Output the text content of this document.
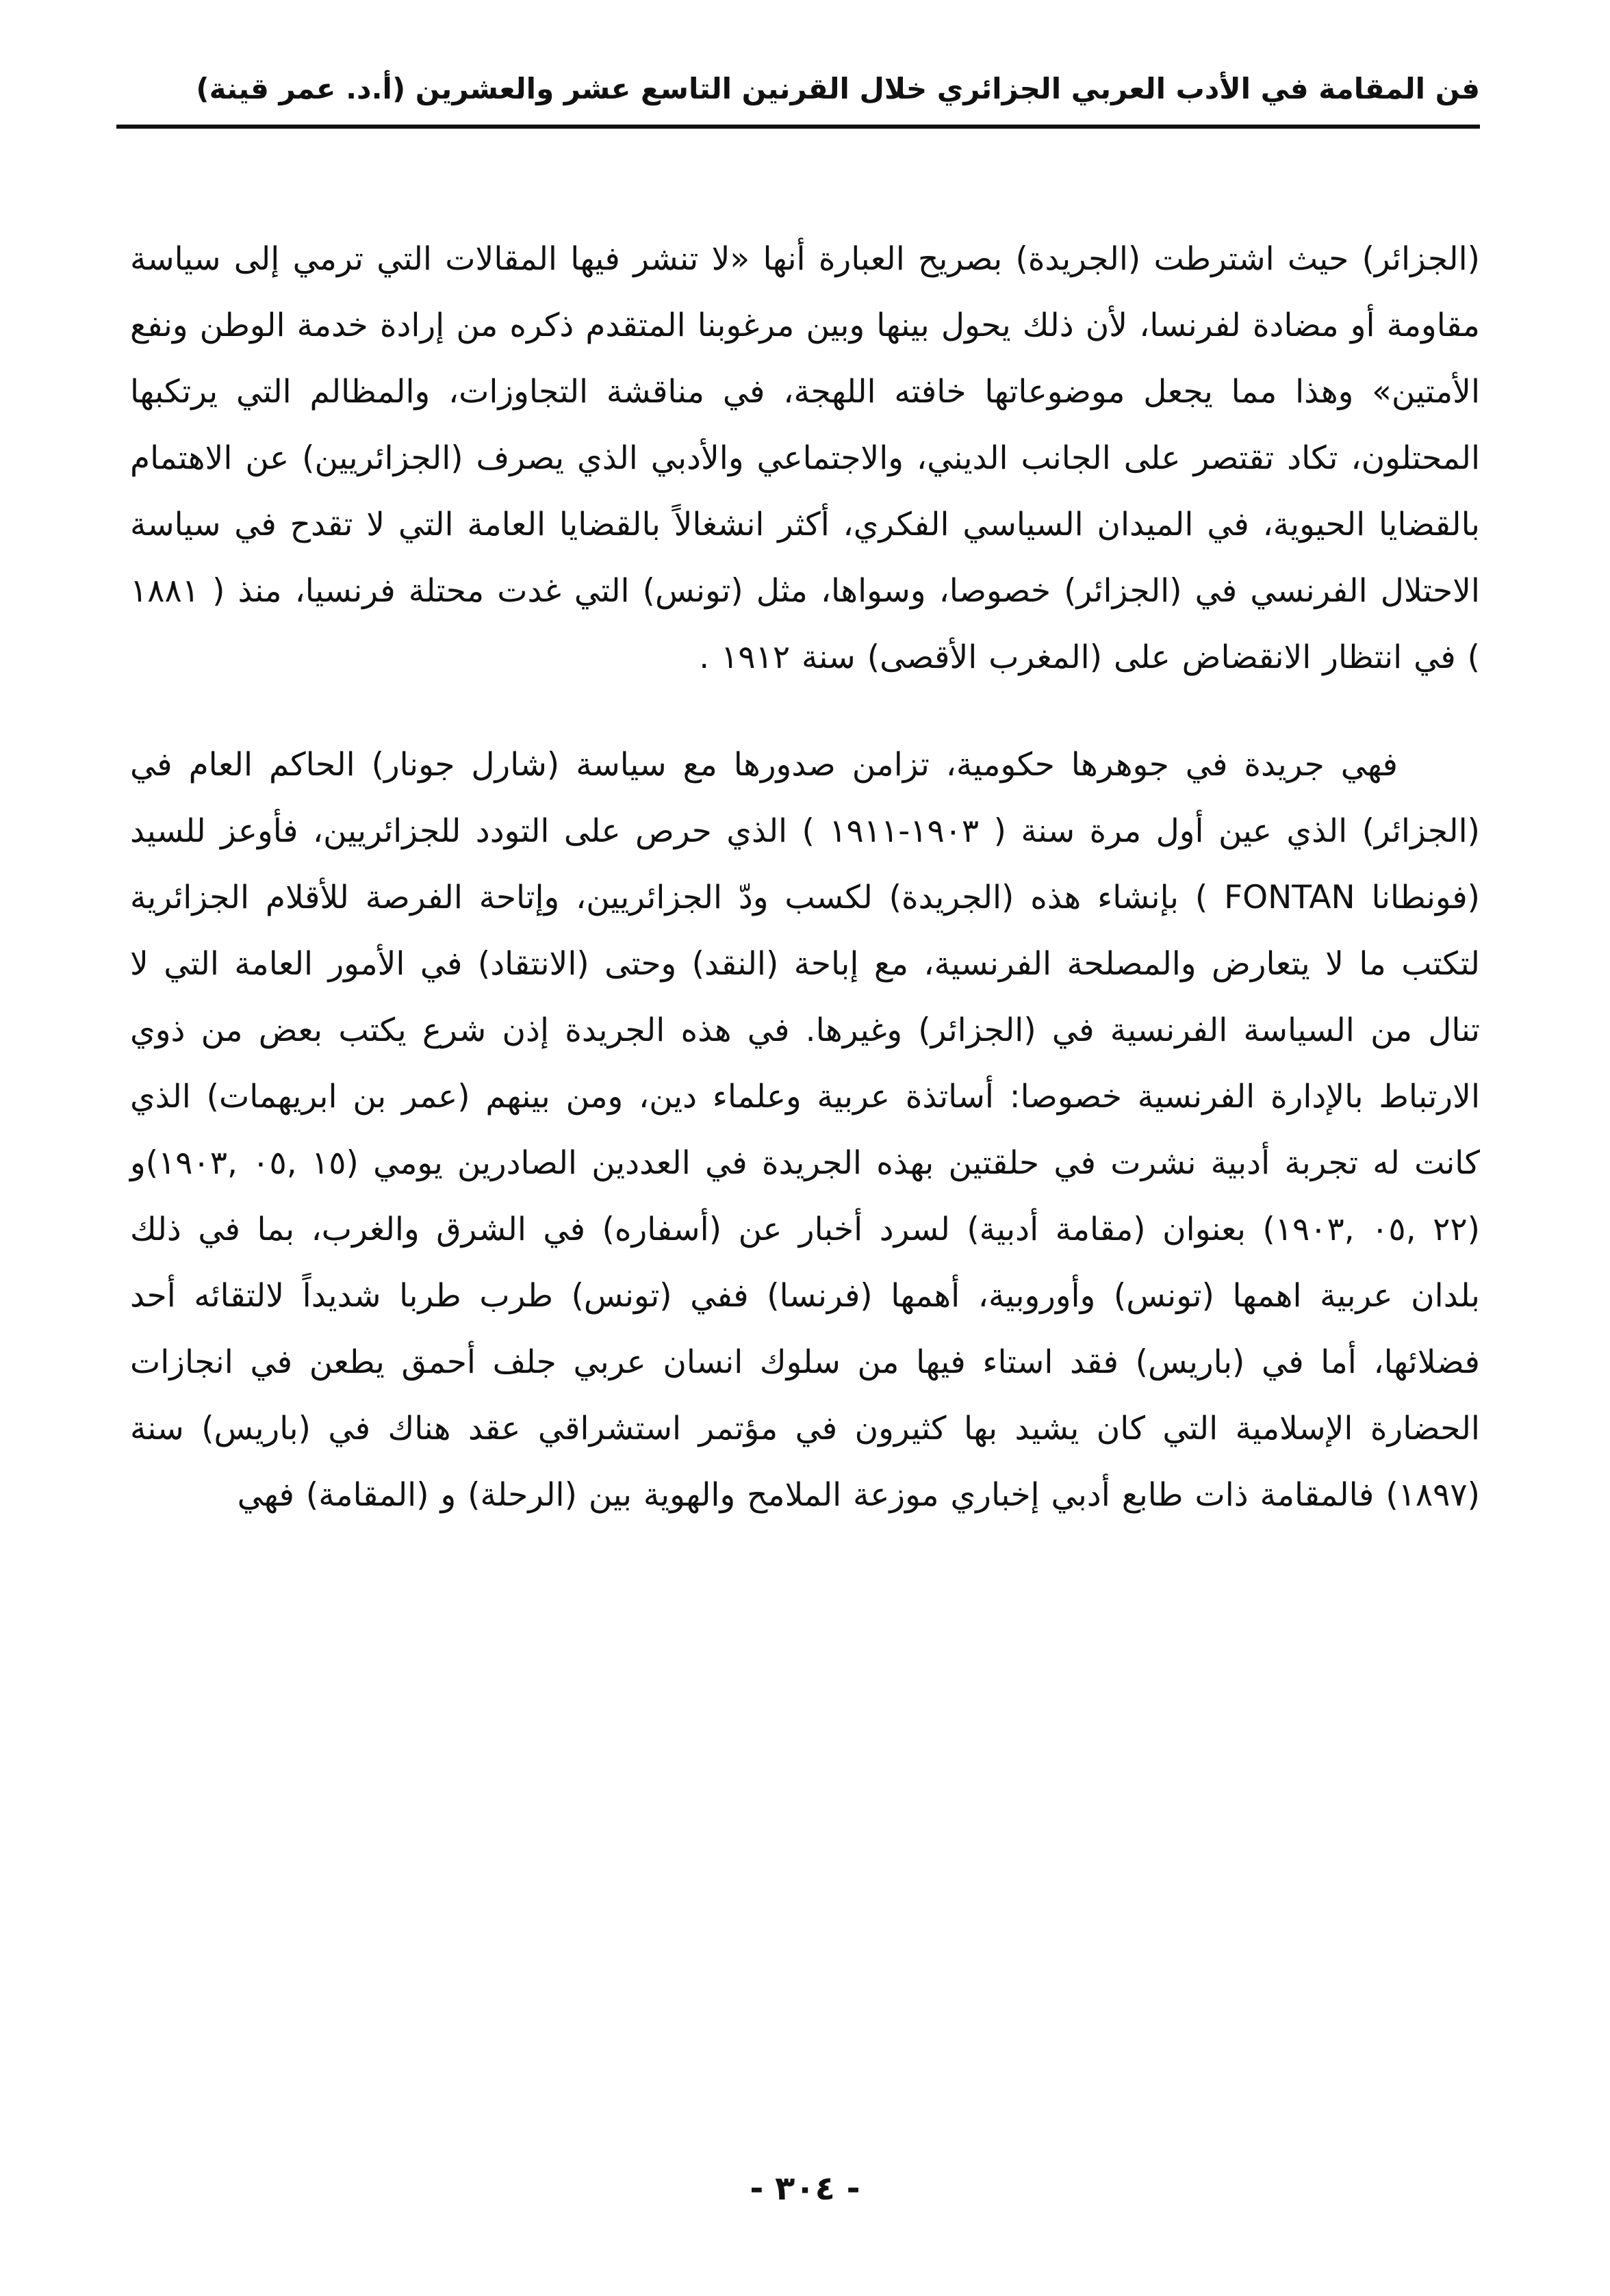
فن المقامة في الأدب العربي الجزائري خلال القرنين التاسع عشر والعشرين (أ.د. عمر قينة)

(الجزائر) حيث اشترطت (الجريدة) بصريح العبارة أنها «لا تنشر فيها المقالات التي ترمي إلى سياسة مقاومة أو مضادة لفرنسا، لأن ذلك يحول بينها وبين مرغوبنا المتقدم ذكره من إرادة خدمة الوطن ونفع الأمتين» وهذا مما يجعل موضوعاتها خافته اللهجة، في مناقشة التجاوزات، والمظالم التي يرتكبها المحتلون، تكاد تقتصر على الجانب الديني، والاجتماعي والأدبي الذي يصرف (الجزائريين) عن الاهتمام بالقضايا الحيوية، في الميدان السياسي الفكري، أكثر انشغالاً بالقضايا العامة التي لا تقدح في سياسة الاحتلال الفرنسي في (الجزائر) خصوصا، وسواها، مثل (تونس) التي غدت محتلة فرنسيا، منذ ( ١٨٨١ ) في انتظار الانقضاض على (المغرب الأقصى) سنة ١٩١٢ .

فهي جريدة في جوهرها حكومية، تزامن صدورها مع سياسة (شارل جونار) الحاكم العام في (الجزائر) الذي عين أول مرة سنة ( ١٩٠٣-١٩١١ ) الذي حرص على التودد للجزائريين، فأوعز للسيد (فونطانا FONTAN ) بإنشاء هذه (الجريدة) لكسب ودّ الجزائريين، وإتاحة الفرصة للأقلام الجزائرية لتكتب ما لا يتعارض والمصلحة الفرنسية، مع إباحة (النقد) وحتى (الانتقاد) في الأمور العامة التي لا تنال من السياسة الفرنسية في (الجزائر) وغيرها. في هذه الجريدة إذن شرع يكتب بعض من ذوي الارتباط بالإدارة الفرنسية خصوصا: أساتذة عربية وعلماء دين، ومن بينهم (عمر بن ابريهمات) الذي كانت له تجربة أدبية نشرت في حلقتين بهذه الجريدة في العددين الصادرين يومي (١٥ ,٠٥ ,١٩٠٣)و (٢٢ ,٠٥ ,١٩٠٣) بعنوان (مقامة أدبية) لسرد أخبار عن (أسفاره) في الشرق والغرب، بما في ذلك بلدان عربية اهمها (تونس) وأوروبية، أهمها (فرنسا) ففي (تونس) طرب طربا شديداً لالتقائه أحد فضلائها، أما في (باريس) فقد استاء فيها من سلوك انسان عربي جلف أحمق يطعن في انجازات الحضارة الإسلامية التي كان يشيد بها كثيرون في مؤتمر استشراقي عقد هناك في (باريس) سنة (١٨٩٧) فالمقامة ذات طابع أدبي إخباري موزعة الملامح والهوية بين (الرحلة) و (المقامة) فهي

- ٣٠٤ -
